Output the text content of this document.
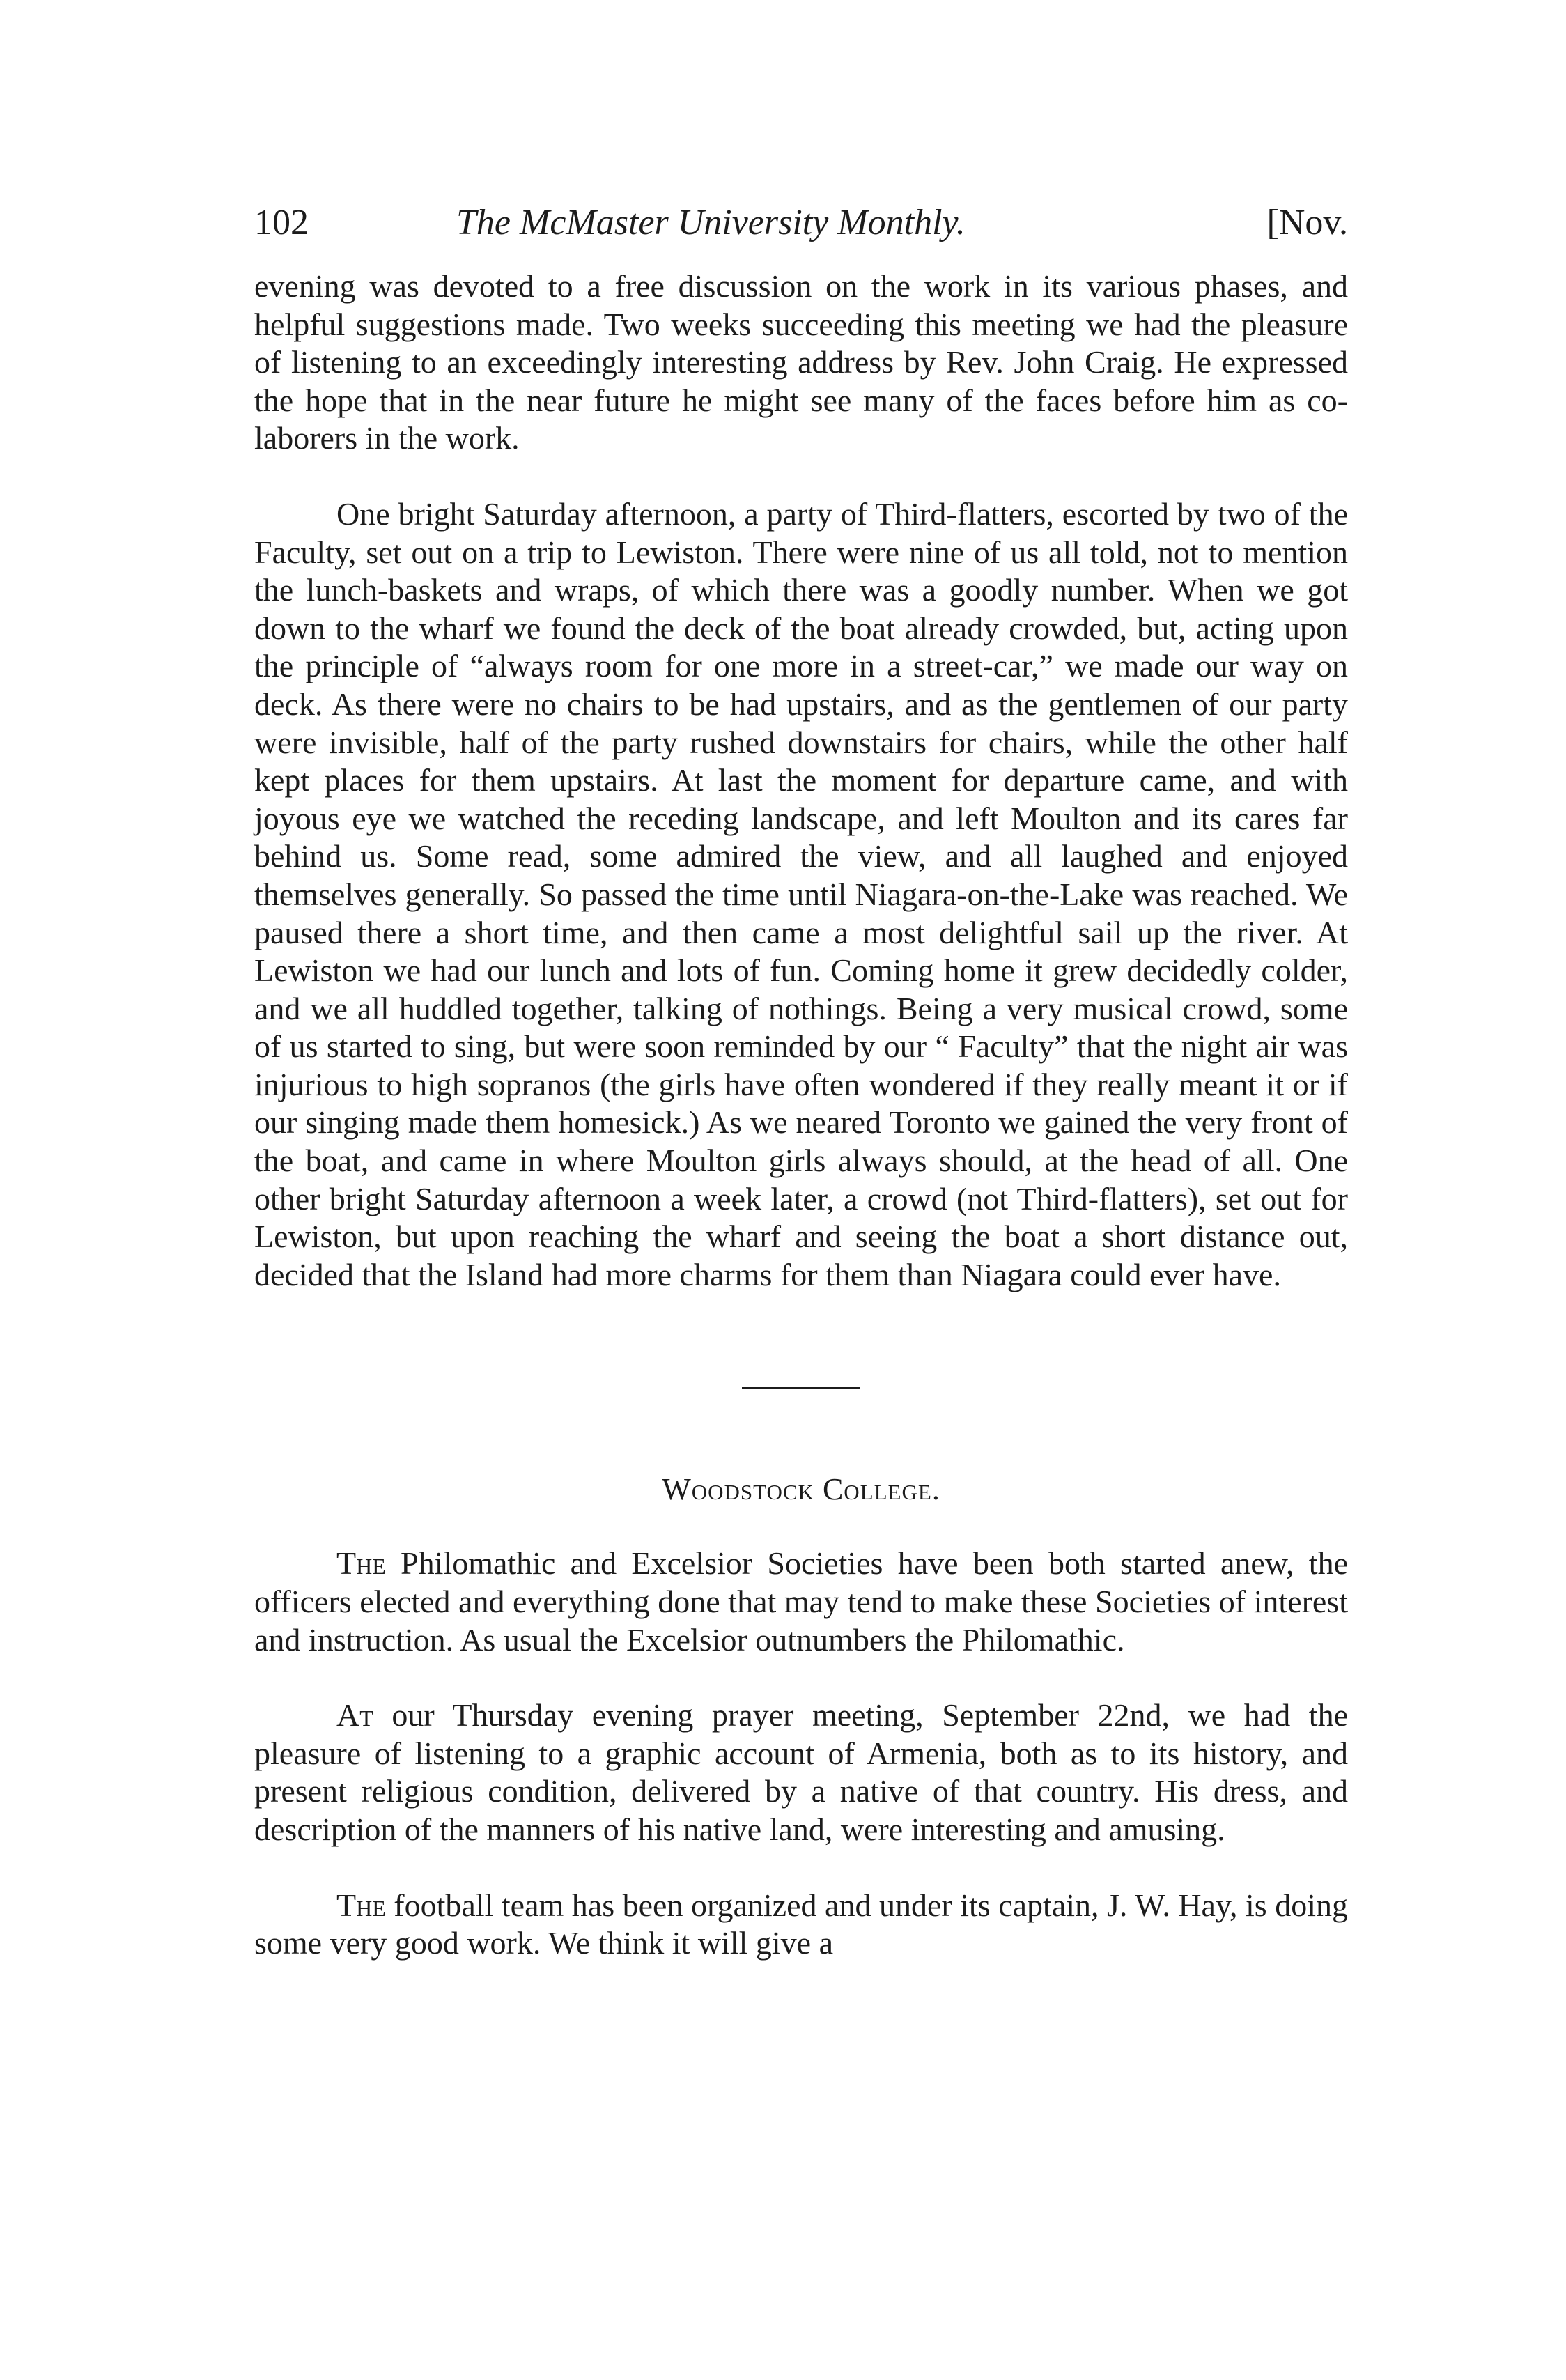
102	The McMaster University Monthly.	[Nov.

evening was devoted to a free discussion on the work in its various phases, and helpful suggestions made. Two weeks succeeding this meeting we had the pleasure of listening to an exceedingly interesting address by Rev. John Craig. He expressed the hope that in the near future he might see many of the faces before him as co-laborers in the work.

One bright Saturday afternoon, a party of Third-flatters, escorted by two of the Faculty, set out on a trip to Lewiston. There were nine of us all told, not to mention the lunch-baskets and wraps, of which there was a goodly number. When we got down to the wharf we found the deck of the boat already crowded, but, acting upon the principle of “always room for one more in a street-car,” we made our way on deck. As there were no chairs to be had upstairs, and as the gentlemen of our party were invisible, half of the party rushed downstairs for chairs, while the other half kept places for them upstairs. At last the moment for departure came, and with joyous eye we watched the receding landscape, and left Moulton and its cares far behind us. Some read, some admired the view, and all laughed and enjoyed themselves generally. So passed the time until Niagara-on-the-Lake was reached. We paused there a short time, and then came a most delightful sail up the river. At Lewiston we had our lunch and lots of fun. Coming home it grew decidedly colder, and we all huddled together, talking of nothings. Being a very musical crowd, some of us started to sing, but were soon reminded by our “ Faculty” that the night air was injurious to high sopranos (the girls have often wondered if they really meant it or if our singing made them homesick.) As we neared Toronto we gained the very front of the boat, and came in where Moulton girls always should, at the head of all. One other bright Saturday afternoon a week later, a crowd (not Third-flatters), set out for Lewiston, but upon reaching the wharf and seeing the boat a short distance out, decided that the Island had more charms for them than Niagara could ever have.

Woodstock College.

The Philomathic and Excelsior Societies have been both started anew, the officers elected and everything done that may tend to make these Societies of interest and instruction. As usual the Excelsior outnumbers the Philomathic.

At our Thursday evening prayer meeting, September 22nd, we had the pleasure of listening to a graphic account of Armenia, both as to its history, and present religious condition, delivered by a native of that country. His dress, and description of the manners of his native land, were interesting and amusing.

The football team has been organized and under its captain, J. W. Hay, is doing some very good work. We think it will give a
